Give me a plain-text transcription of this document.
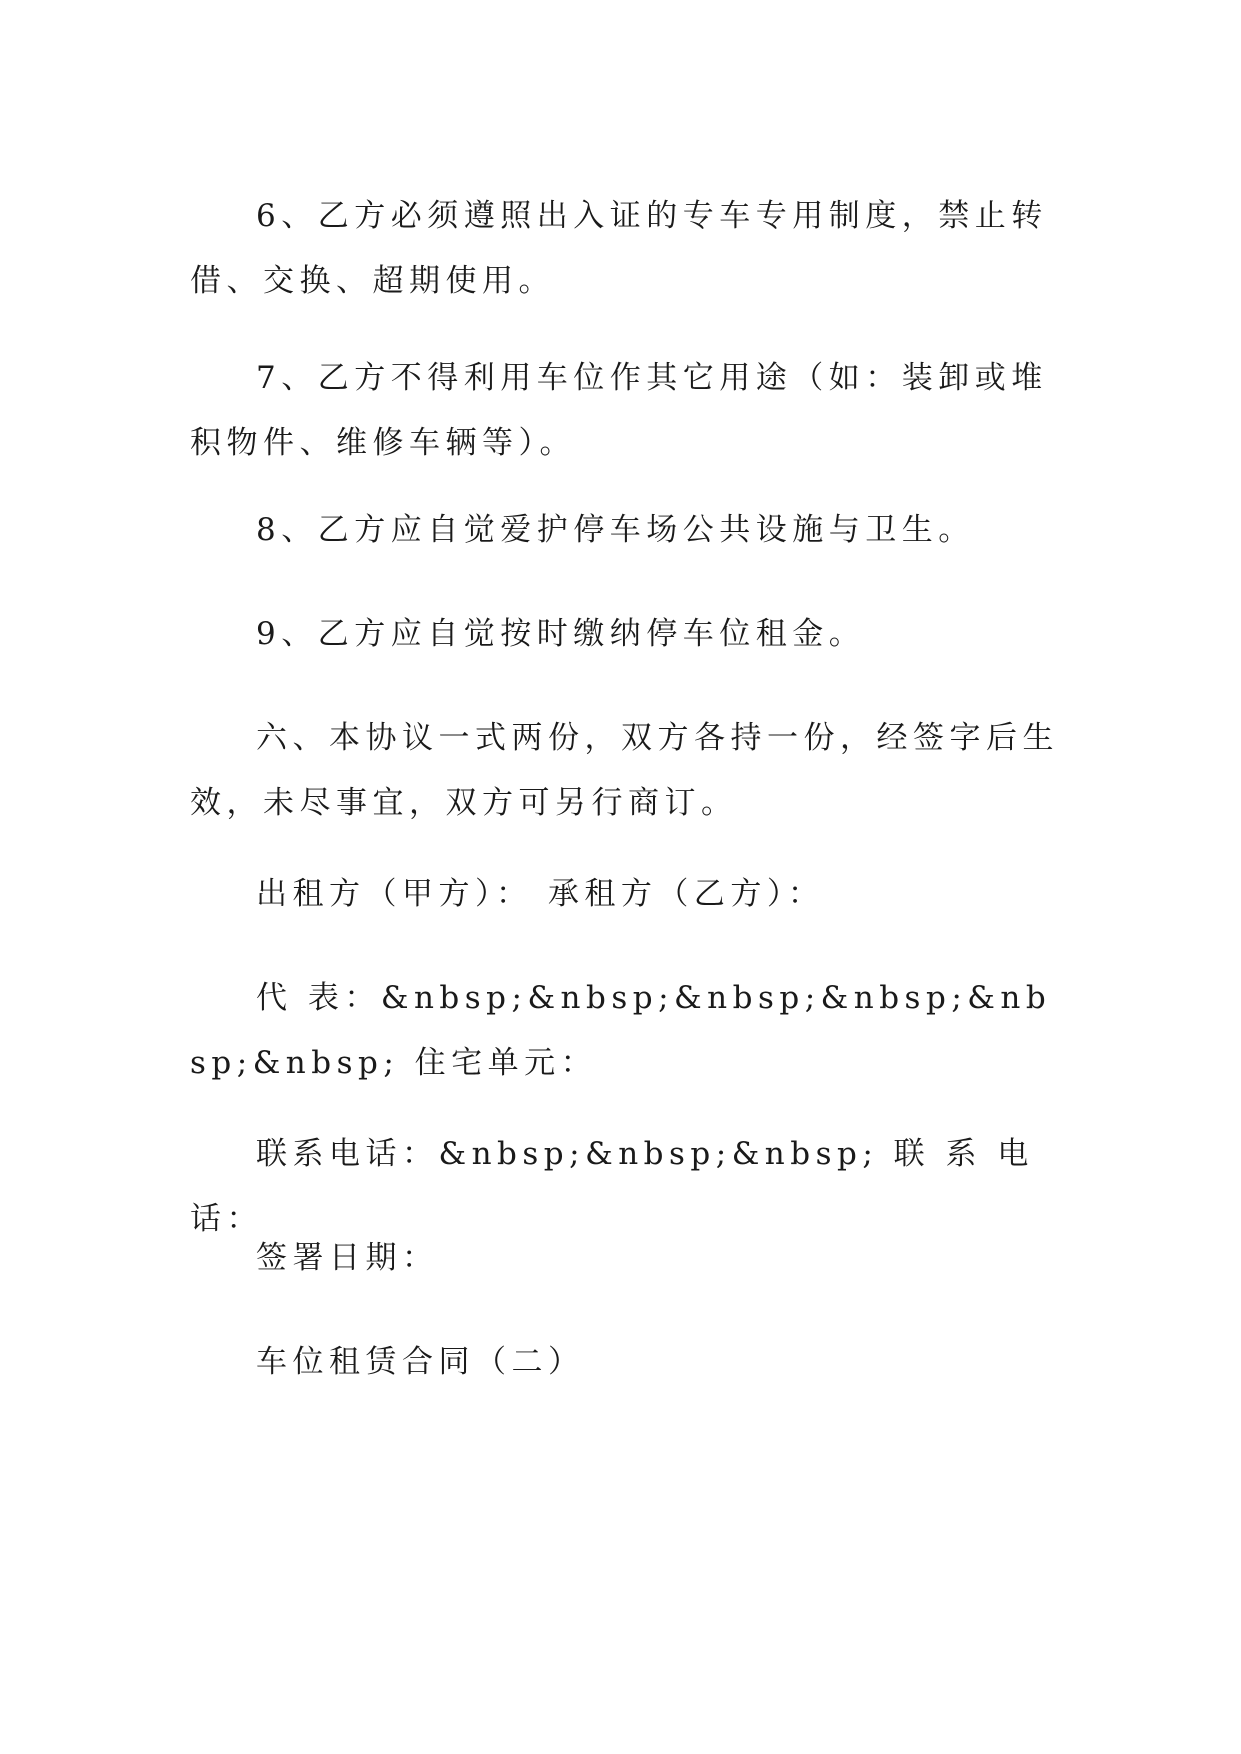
6、乙方必须遵照出入证的专车专用制度，禁止转借、交换、超期使用。

7、乙方不得利用车位作其它用途（如：装卸或堆积物件、维修车辆等）。

8、乙方应自觉爱护停车场公共设施与卫生。

9、乙方应自觉按时缴纳停车位租金。

六、本协议一式两份，双方各持一份，经签字后生效，未尽事宜，双方可另行商订。

出租方（甲方）： 承租方（乙方）：

代 表：&nbsp;&nbsp;&nbsp;&nbsp;&nbsp;&nbsp; 住宅单元：

联系电话：&nbsp;&nbsp;&nbsp; 联 系 电 话：

签署日期：

车位租赁合同（二）
